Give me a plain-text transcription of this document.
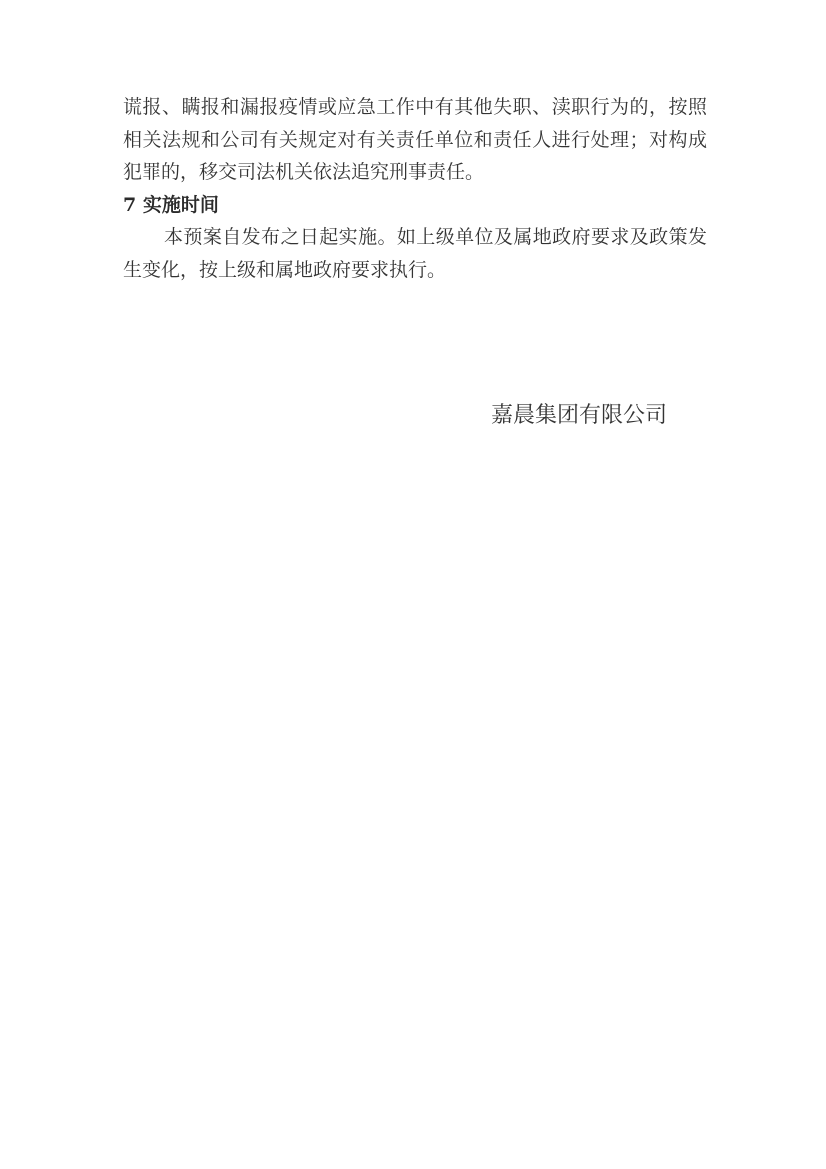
谎报、瞒报和漏报疫情或应急工作中有其他失职、渎职行为的，按照
相关法规和公司有关规定对有关责任单位和责任人进行处理；对构成
犯罪的，移交司法机关依法追究刑事责任。
7 实施时间
本预案自发布之日起实施。如上级单位及属地政府要求及政策发
生变化，按上级和属地政府要求执行。
嘉晨集团有限公司
